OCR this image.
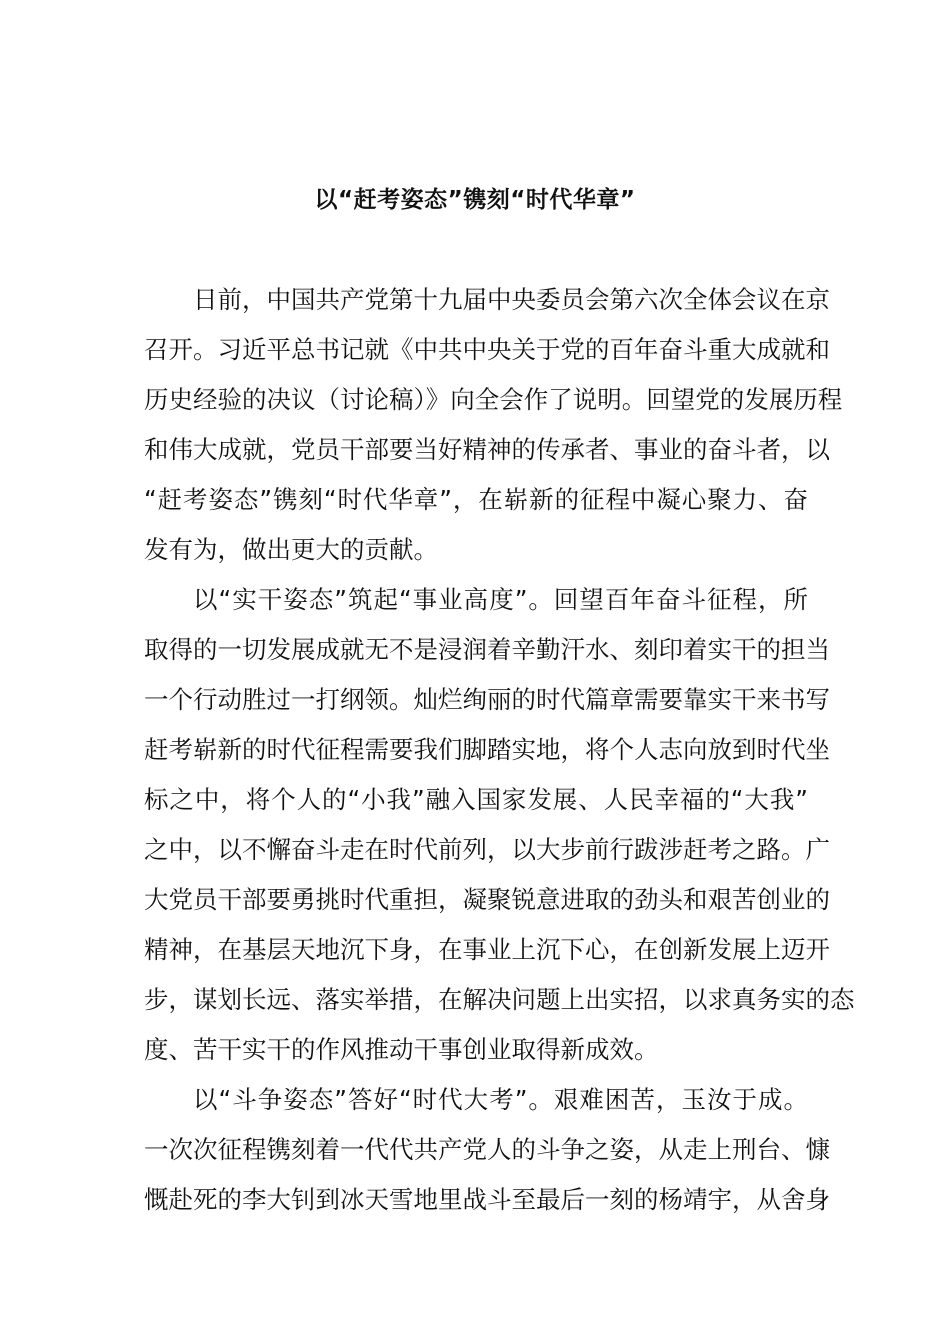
以“赶考姿态”镌刻“时代华章”
日前，中国共产党第十九届中央委员会第六次全体会议在京
召开。习近平总书记就《中共中央关于党的百年奋斗重大成就和
历史经验的决议（讨论稿）》向全会作了说明。回望党的发展历程
和伟大成就，党员干部要当好精神的传承者、事业的奋斗者，以
“赶考姿态”镌刻“时代华章”，在崭新的征程中凝心聚力、奋
发有为，做出更大的贡献。
以“实干姿态”筑起“事业高度”。回望百年奋斗征程，所
取得的一切发展成就无不是浸润着辛勤汗水、刻印着实干的担当
一个行动胜过一打纲领。灿烂绚丽的时代篇章需要靠实干来书写
赶考崭新的时代征程需要我们脚踏实地，将个人志向放到时代坐
标之中，将个人的“小我”融入国家发展、人民幸福的“大我”
之中，以不懈奋斗走在时代前列，以大步前行跋涉赶考之路。广
大党员干部要勇挑时代重担，凝聚锐意进取的劲头和艰苦创业的
精神，在基层天地沉下身，在事业上沉下心，在创新发展上迈开
步，谋划长远、落实举措，在解决问题上出实招，以求真务实的态
度、苦干实干的作风推动干事创业取得新成效。
以“斗争姿态”答好“时代大考”。艰难困苦，玉汝于成。
一次次征程镌刻着一代代共产党人的斗争之姿，从走上刑台、慷
慨赴死的李大钊到冰天雪地里战斗至最后一刻的杨靖宇，从舍身
